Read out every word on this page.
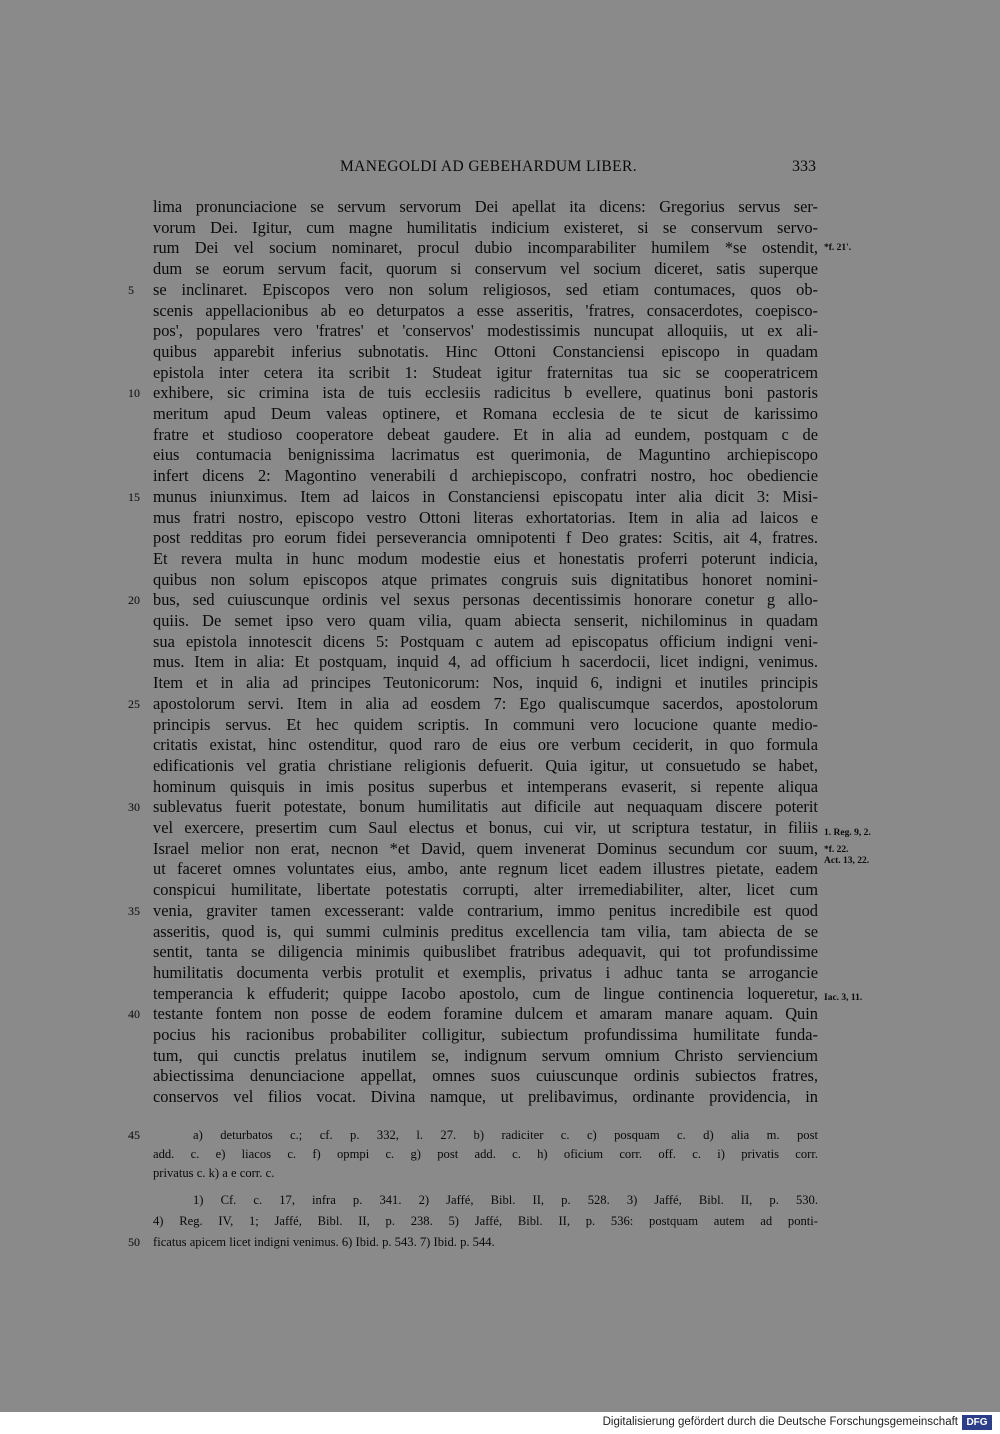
MANEGOLDI AD GEBEHARDUM LIBER.	333
lima pronunciacione se servum servorum Dei apellat ita dicens: Gregorius servus ser-
vorum Dei. Igitur, cum magne humilitatis indicium existeret, si se conservum servo-
rum Dei vel socium nominaret, procul dubio incomparabiliter humilem *se ostendit,
dum se eorum servum facit, quorum si conservum vel socium diceret, satis superque
se inclinaret. Episcopos vero non solum religiosos, sed etiam contumaces, quos ob-
scenis appellacionibus ab eo deturpatos a esse asseritis, 'fratres, consacerdotes, coepisco-
pos', populares vero 'fratres' et 'conservos' modestissimis nuncupat alloquiis, ut ex ali-
quibus apparebit inferius subnotatis. Hinc Ottoni Constanciensi episcopo in quadam
epistola inter cetera ita scribit 1: Studeat igitur fraternitas tua sic se cooperatricem
exhibere, sic crimina ista de tuis ecclesiis radicitus b evellere, quatinus boni pastoris
meritum apud Deum valeas optinere, et Romana ecclesia de te sicut de karissimo
fratre et studioso cooperatore debeat gaudere. Et in alia ad eundem, postquam c de
eius contumacia benignissima lacrimatus est querimonia, de Maguntino archiepiscopo
infert dicens 2: Magontino venerabili d archiepiscopo, confratri nostro, hoc obediencie
munus iniunximus. Item ad laicos in Constanciensi episcopatu inter alia dicit 3: Misi-
mus fratri nostro, episcopo vestro Ottoni literas exhortatorias. Item in alia ad laicos e
post redditas pro eorum fidei perseverancia omnipotenti f Deo grates: Scitis, ait 4, fratres.
Et revera multa in hunc modum modestie eius et honestatis proferri poterunt indicia,
quibus non solum episcopos atque primates congruis suis dignitatibus honoret nomini-
bus, sed cuiuscunque ordinis vel sexus personas decentissimis honorare conetur g allo-
quiis. De semet ipso vero quam vilia, quam abiecta senserit, nichilominus in quadam
sua epistola innotescit dicens 5: Postquam c autem ad episcopatus officium indigni veni-
mus. Item in alia: Et postquam, inquid 4, ad officium h sacerdocii, licet indigni, venimus.
Item et in alia ad principes Teutonicorum: Nos, inquid 6, indigni et inutiles principis
apostolorum servi. Item in alia ad eosdem 7: Ego qualiscumque sacerdos, apostolorum
principis servus. Et hec quidem scriptis. In communi vero locucione quante medio-
critatis existat, hinc ostenditur, quod raro de eius ore verbum ceciderit, in quo formula
edificationis vel gratia christiane religionis defuerit. Quia igitur, ut consuetudo se habet,
hominum quisquis in imis positus superbus et intemperans evaserit, si repente aliqua
sublevatus fuerit potestate, bonum humilitatis aut dificile aut nequaquam discere poterit
vel exercere, presertim cum Saul electus et bonus, cui vir, ut scriptura testatur, in filiis
Israel melior non erat, necnon *et David, quem invenerat Dominus secundum cor suum,
ut faceret omnes voluntates eius, ambo, ante regnum licet eadem illustres pietate, eadem
conspicui humilitate, libertate potestatis corrupti, alter irremediabiliter, alter, licet cum
venia, graviter tamen excesserant: valde contrarium, immo penitus incredibile est quod
asseritis, quod is, qui summi culminis preditus excellencia tam vilia, tam abiecta de se
sentit, tanta se diligencia minimis quibuslibet fratribus adequavit, qui tot profundissime
humilitatis documenta verbis protulit et exemplis, privatus i adhuc tanta se arrogancie
temperancia k effuderit; quippe Iacobo apostolo, cum de lingue continencia loqueretur,
testante fontem non posse de eodem foramine dulcem et amaram manare aquam. Quin
pocius his racionibus probabiliter colligitur, subiectum profundissima humilitate funda-
tum, qui cunctis prelatus inutilem se, indignum servum omnium Christo serviencium
abiectissima denunciacione appellat, omnes suos cuiuscunque ordinis subiectos fratres,
conservos vel filios vocat. Divina namque, ut prelibavimus, ordinante providencia, in
5
10
15
20
25
30
35
40
*f. 21'.
1. Reg. 9, 2.
*f. 22.
Act. 13, 22.
Iac. 3, 11.
45	a) deturbatos c.; cf. p. 332, l. 27. b) radiciter c. c) posquam c. d) alia m. post
add. c. e) liacos c. f) opmpi c. g) post add. c. h) oficium corr. off. c. i) privatis corr.
privatus c. k) a e corr. c.
1) Cf. c. 17, infra p. 341. 2) Jaffé, Bibl. II, p. 528. 3) Jaffé, Bibl. II, p. 530.
4) Reg. IV, 1; Jaffé, Bibl. II, p. 238. 5) Jaffé, Bibl. II, p. 536: postquam autem ad ponti-
50 ficatus apicem licet indigni venimus. 6) Ibid. p. 543. 7) Ibid. p. 544.
Digitalisierung gefördert durch die Deutsche Forschungsgemeinschaft DFG
